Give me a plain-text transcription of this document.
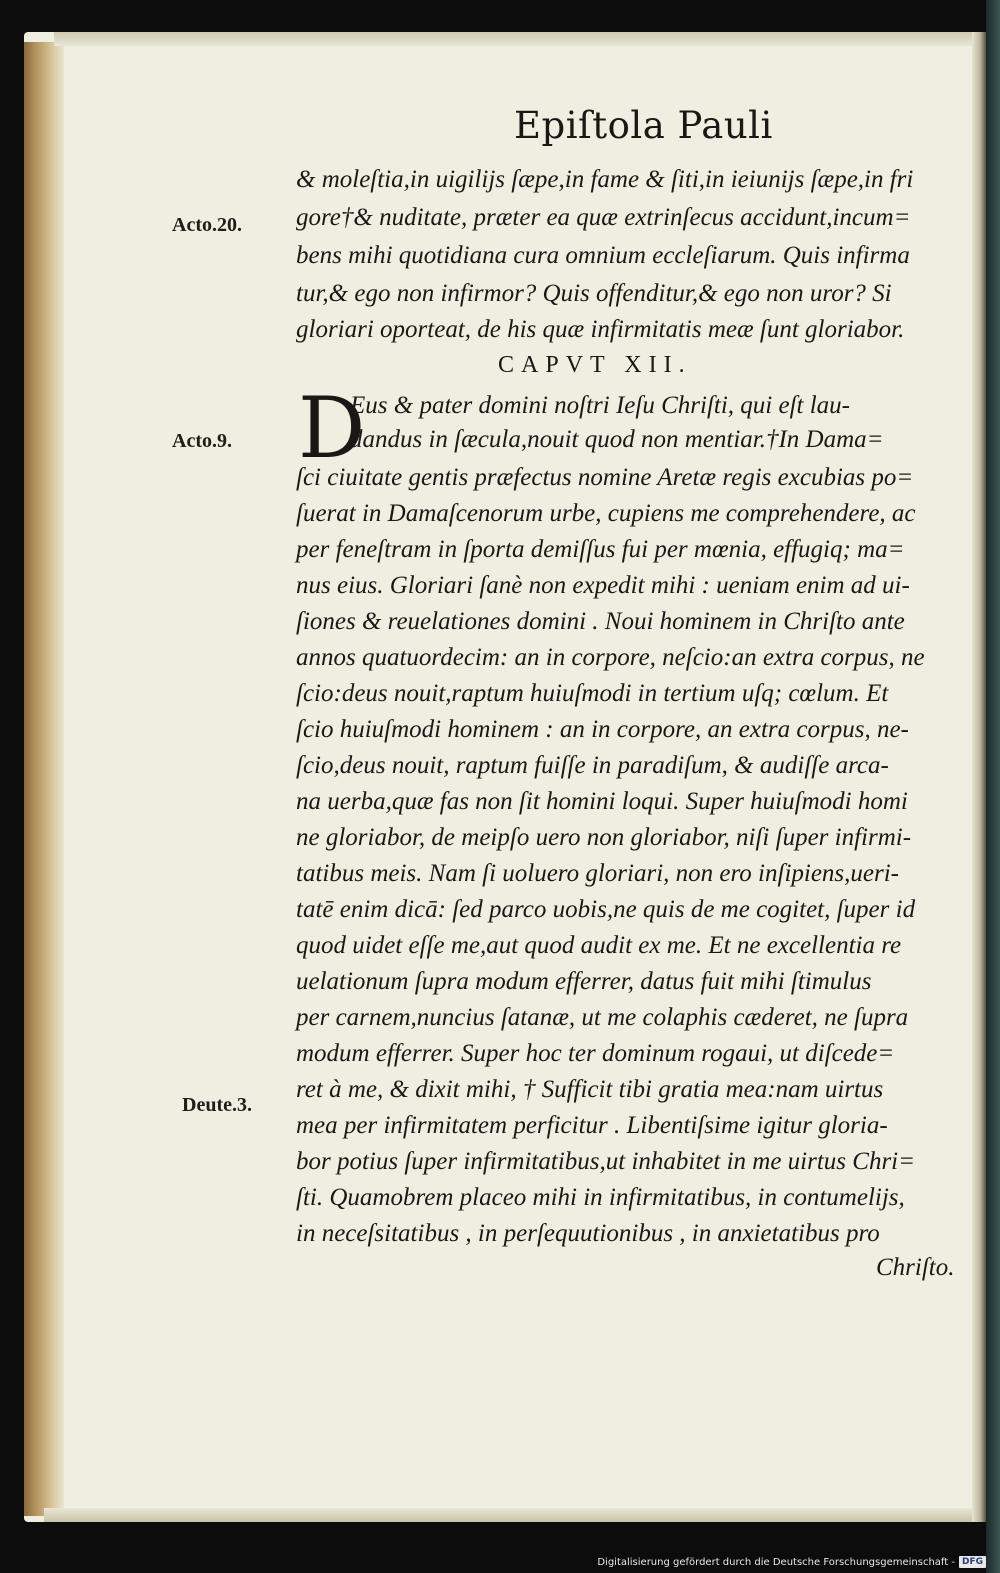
Epiſtola Pauli
Acto.20.
Acto.9.
Deute.3.
& moleſtia,in uigilijs ſæpe,in fame & ſiti,in ieiunijs ſæpe,in fri
gore†& nuditate, præter ea quæ extrinſecus accidunt,incum=
bens mihi quotidiana cura omnium eccleſiarum. Quis infirma
tur,& ego non infirmor? Quis offenditur,& ego non uror? Si
gloriari oporteat, de his quæ infirmitatis meæ ſunt gloriabor.
CAPVT XII.
D
Eus & pater domini noſtri Ieſu Chriſti, qui eſt lau-
dandus in ſæcula,nouit quod non mentiar.†In Dama=
ſci ciuitate gentis præfectus nomine Aretæ regis excubias po=
ſuerat in Damaſcenorum urbe, cupiens me comprehendere, ac
per feneſtram in ſporta demiſſus fui per mœnia, effugiq; ma=
nus eius. Gloriari ſanè non expedit mihi : ueniam enim ad ui-
ſiones & reuelationes domini . Noui hominem in Chriſto ante
annos quatuordecim: an in corpore, neſcio:an extra corpus, ne
ſcio:deus nouit,raptum huiuſmodi in tertium uſq; cœlum. Et
ſcio huiuſmodi hominem : an in corpore, an extra corpus, ne-
ſcio,deus nouit, raptum fuiſſe in paradiſum, & audiſſe arca-
na uerba,quæ fas non ſit homini loqui. Super huiuſmodi homi
ne gloriabor, de meipſo uero non gloriabor, niſi ſuper infirmi-
tatibus meis. Nam ſi uoluero gloriari, non ero inſipiens,ueri-
tatē enim dicā: ſed parco uobis,ne quis de me cogitet, ſuper id
quod uidet eſſe me,aut quod audit ex me. Et ne excellentia re
uelationum ſupra modum efferrer, datus fuit mihi ſtimulus
per carnem,nuncius ſatanæ, ut me colaphis cæderet, ne ſupra
modum efferrer. Super hoc ter dominum rogaui, ut diſcede=
ret à me, & dixit mihi, † Sufficit tibi gratia mea:nam uirtus
mea per infirmitatem perficitur . Libentiſsime igitur gloria-
bor potius ſuper infirmitatibus,ut inhabitet in me uirtus Chri=
ſti. Quamobrem placeo mihi in infirmitatibus, in contumelijs,
in neceſsitatibus , in perſequutionibus , in anxietatibus pro
Chriſto.
Digitalisierung gefördert durch die Deutsche Forschungsgemeinschaft - DFG
